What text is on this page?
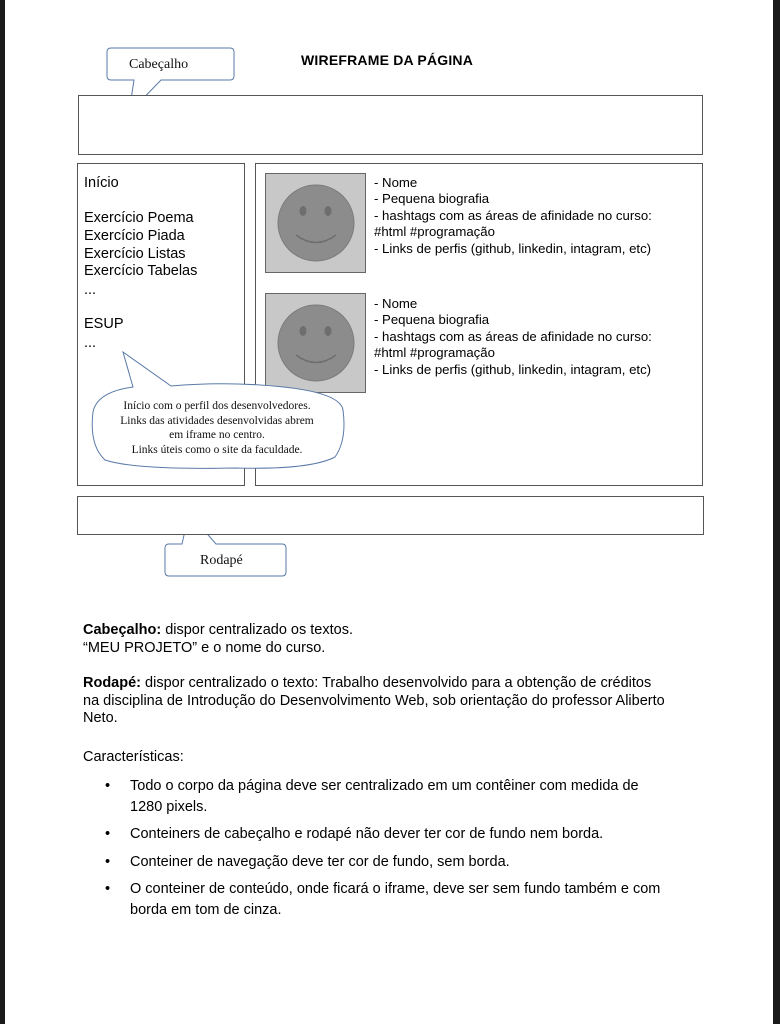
WIREFRAME DA PÁGINA
Início
Exercício Poema
Exercício Piada
Exercício Listas
Exercício Tabelas
...
ESUP
...
- Nome
- Pequena biografia
- hashtags com as áreas de afinidade no curso:
#html #programação
- Links de perfis (github, linkedin, intagram, etc)
- Nome
- Pequena biografia
- hashtags com as áreas de afinidade no curso:
#html #programação
- Links de perfis (github, linkedin, intagram, etc)
Cabeçalho
Rodapé
Início com o perfil dos desenvolvedores.
Links das atividades desenvolvidas abrem
em iframe no centro.
Links úteis como o site da faculdade.
Cabeçalho: dispor centralizado os textos.
“MEU PROJETO” e o nome do curso.
Rodapé: dispor centralizado o texto: Trabalho desenvolvido para a obtenção de créditos
na disciplina de Introdução do Desenvolvimento Web, sob orientação do professor Aliberto
Neto.
Características:
• Todo o corpo da página deve ser centralizado em um contêiner com medida de
1280 pixels.
• Conteiners de cabeçalho e rodapé não dever ter cor de fundo nem borda.
• Conteiner de navegação deve ter cor de fundo, sem borda.
• O conteiner de conteúdo, onde ficará o iframe, deve ser sem fundo também e com
borda em tom de cinza.
